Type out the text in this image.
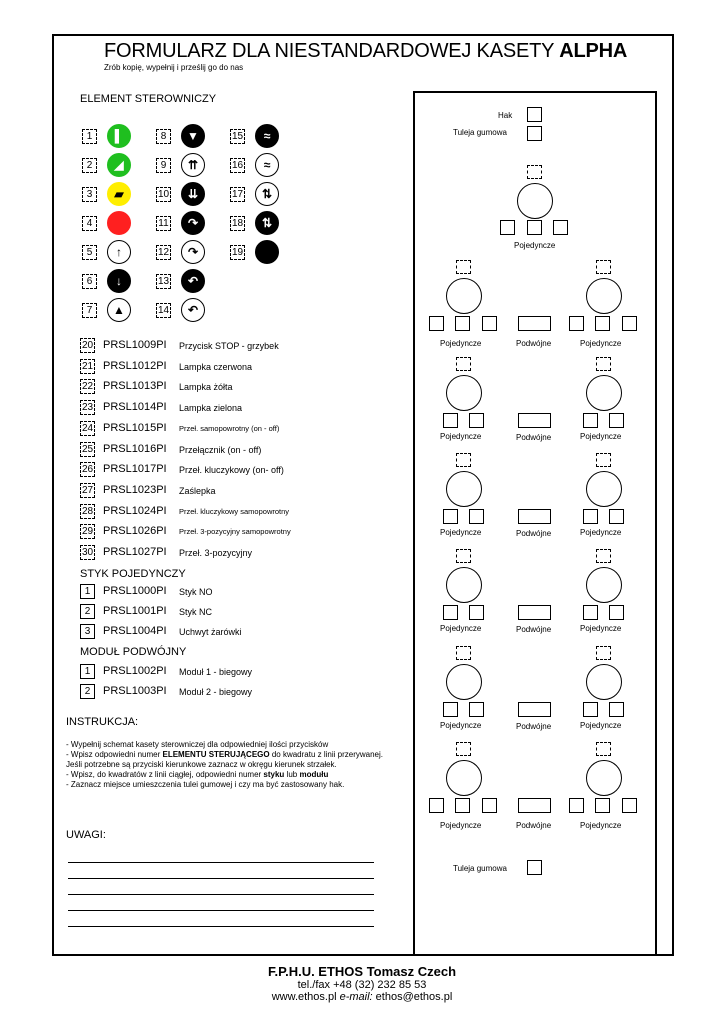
FORMULARZ DLA NIESTANDARDOWEJ KASETY ALPHA
Zrób kopię, wypełnij i prześlij go do nas
ELEMENT STEROWNICZY
1	▌
2	◢
3	▰
4
5	↑
6	↓
7	▲
8	▼
9	⇈
10	⇊
11	↷
12	↷
13	↶
14	↶
15	≈
16	≈
17	⇅
18	⇅
19
20 PRSL1009PI Przycisk STOP - grzybek
21 PRSL1012PI Lampka czerwona
22 PRSL1013PI Lampka żółta
23 PRSL1014PI Lampka zielona
24 PRSL1015PI Przeł. samopowrotny (on - off)
25 PRSL1016PI Przełącznik (on - off)
26 PRSL1017PI Przeł. kluczykowy (on- off)
27 PRSL1023PI Zaślepka
28 PRSL1024PI Przeł. kluczykowy samopowrotny
29 PRSL1026PI Przeł. 3-pozycyjny samopowrotny
30 PRSL1027PI Przeł. 3-pozycyjny
STYK POJEDYNCZY
1	PRSL1000PI Styk NO
2	PRSL1001PI Styk NC
3	PRSL1004PI Uchwyt żarówki
MODUŁ PODWÓJNY
1	PRSL1002PI Moduł 1 - biegowy
2	PRSL1003PI Moduł 2 - biegowy
INSTRUKCJA:
- Wypełnij schemat kasety sterowniczej dla odpowiedniej ilości przycisków
- Wpisz odpowiedni numer ELEMENTU STERUJĄCEGO do kwadratu z linii przerywanej. Jeśli potrzebne są przyciski kierunkowe zaznacz w okręgu kierunek strzałek.
- Wpisz, do kwadratów z linii ciągłej, odpowiedni numer styku lub modułu
- Zaznacz miejsce umieszczenia tulei gumowej i czy ma być zastosowany hak.
UWAGI:
Hak
Tuleja gumowa
Pojedyncze
Pojedyncze	Pojedyncze
Podwójne
Pojedyncze	Pojedyncze
Podwójne
Pojedyncze	Pojedyncze
Podwójne
Pojedyncze	Pojedyncze
Podwójne
Pojedyncze	Pojedyncze
Podwójne
Pojedyncze	Pojedyncze
Podwójne
Tuleja gumowa
F.P.H.U. ETHOS Tomasz Czech
tel./fax +48 (32) 232 85 53
www.ethos.pl e-mail: ethos@ethos.pl
